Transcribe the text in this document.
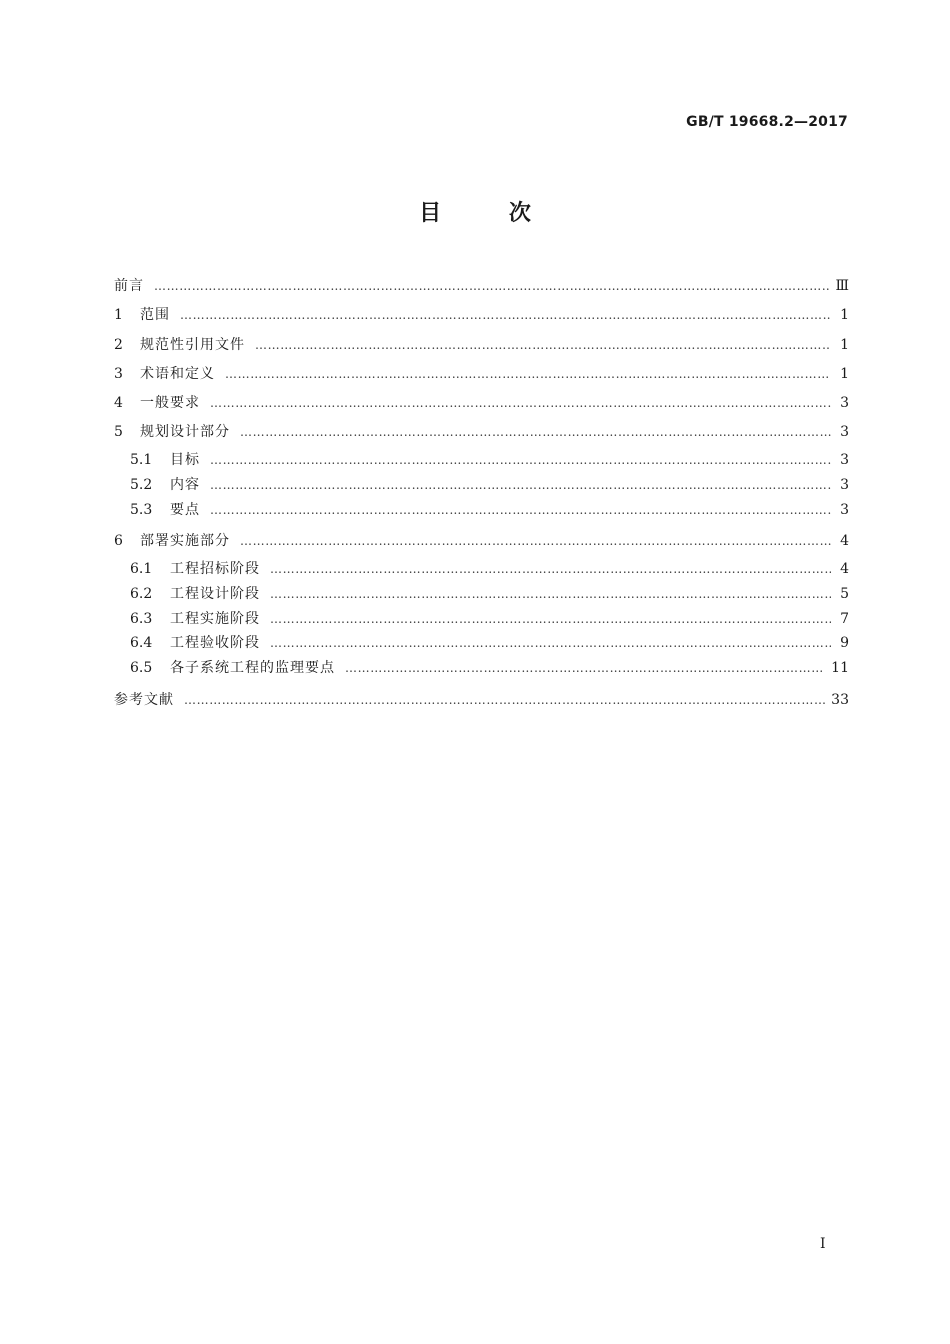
GB/T 19668.2—2017
目	次
前言 …………………………………………………………………………………………………………………………………………………………………………………………………………………………	Ⅲ
1	范围 …………………………………………………………………………………………………………………………………………………………………………………………………………………………	1
2	规范性引用文件 …………………………………………………………………………………………………………………………………………………………………………………………………………………………	1
3	术语和定义 …………………………………………………………………………………………………………………………………………………………………………………………………………………………	1
4	一般要求 …………………………………………………………………………………………………………………………………………………………………………………………………………………………	3
5	规划设计部分 …………………………………………………………………………………………………………………………………………………………………………………………………………………………	3
5.1	目标 …………………………………………………………………………………………………………………………………………………………………………………………………………………………	3
5.2	内容 …………………………………………………………………………………………………………………………………………………………………………………………………………………………	3
5.3	要点 …………………………………………………………………………………………………………………………………………………………………………………………………………………………	3
6	部署实施部分 …………………………………………………………………………………………………………………………………………………………………………………………………………………………	4
6.1	工程招标阶段 …………………………………………………………………………………………………………………………………………………………………………………………………………………………	4
6.2	工程设计阶段 …………………………………………………………………………………………………………………………………………………………………………………………………………………………	5
6.3	工程实施阶段 …………………………………………………………………………………………………………………………………………………………………………………………………………………………	7
6.4	工程验收阶段 …………………………………………………………………………………………………………………………………………………………………………………………………………………………	9
6.5	各子系统工程的监理要点 …………………………………………………………………………………………………………………………………………………………………………………………………………………………	11
参考文献 …………………………………………………………………………………………………………………………………………………………………………………………………………………………	33
Ⅰ
